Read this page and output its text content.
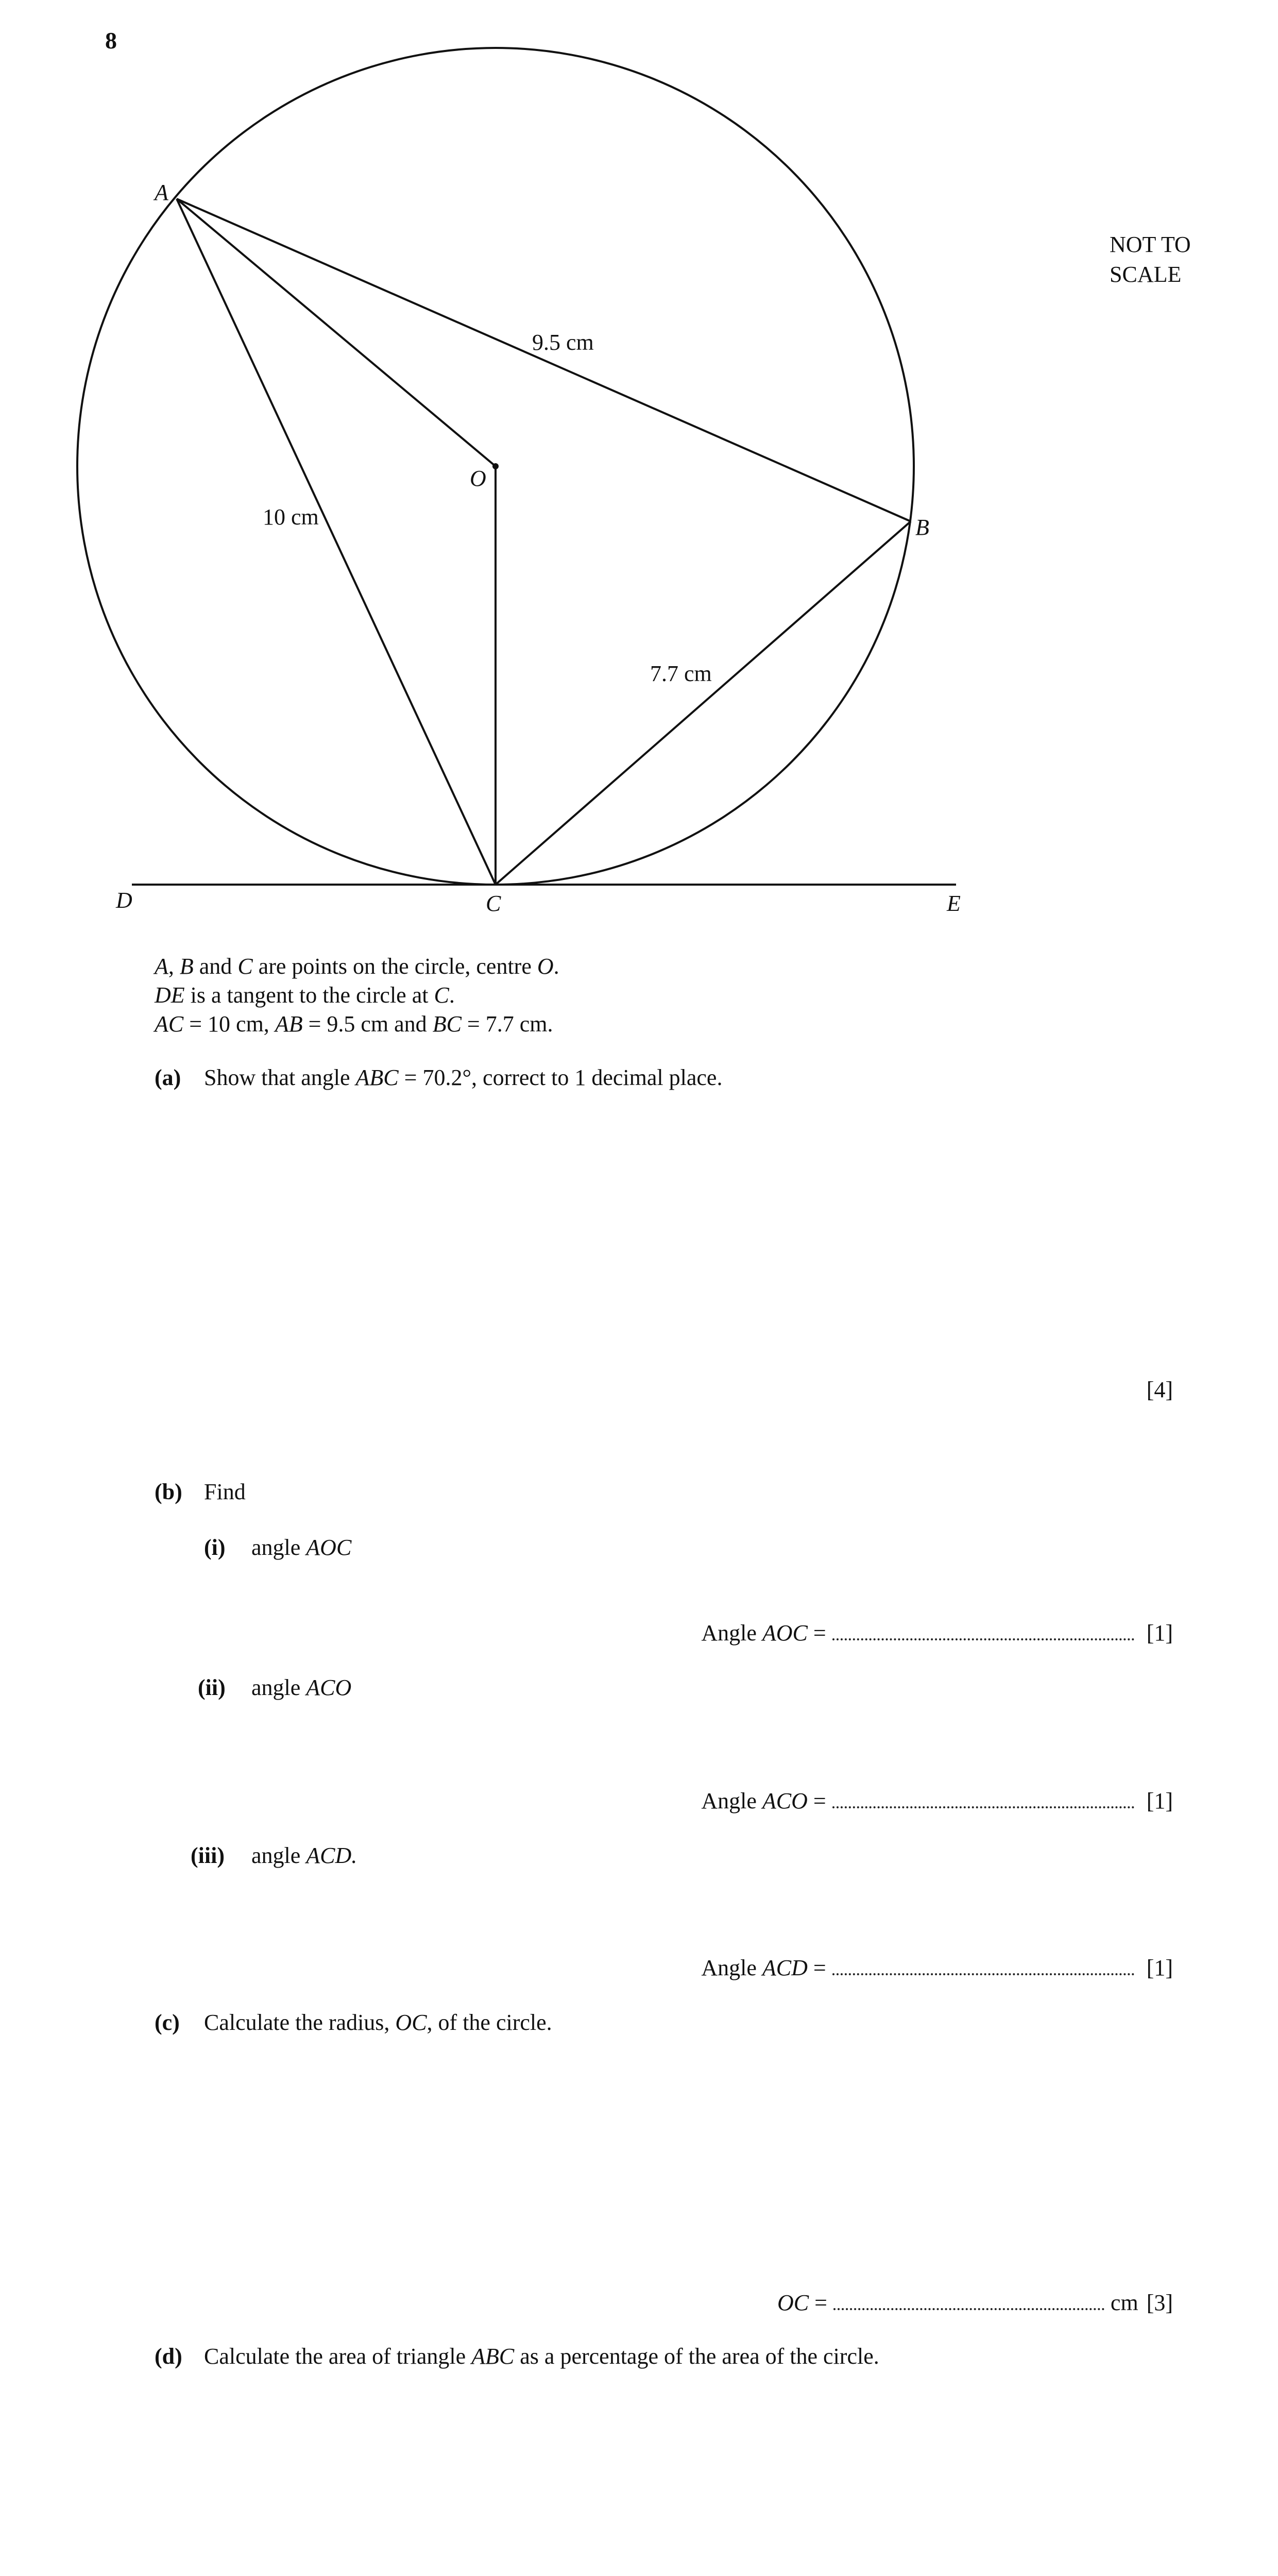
8
A
B
O
C
D	E
9.5 cm
10 cm
7.7 cm
NOT TO SCALE
A, B and C are points on the circle, centre O.
DE is a tangent to the circle at C.
AC = 10 cm, AB = 9.5 cm and BC = 7.7 cm.
(a) Show that angle ABC = 70.2°, correct to 1 decimal place.
[4]
(b) Find
(i) angle AOC
Angle AOC =	[1]
(ii) angle ACO
Angle ACO =	[1]
(iii) angle ACD.
Angle ACD =	[1]
(c) Calculate the radius, OC, of the circle.
OC =	cm [3]
(d) Calculate the area of triangle ABC as a percentage of the area of the circle.
